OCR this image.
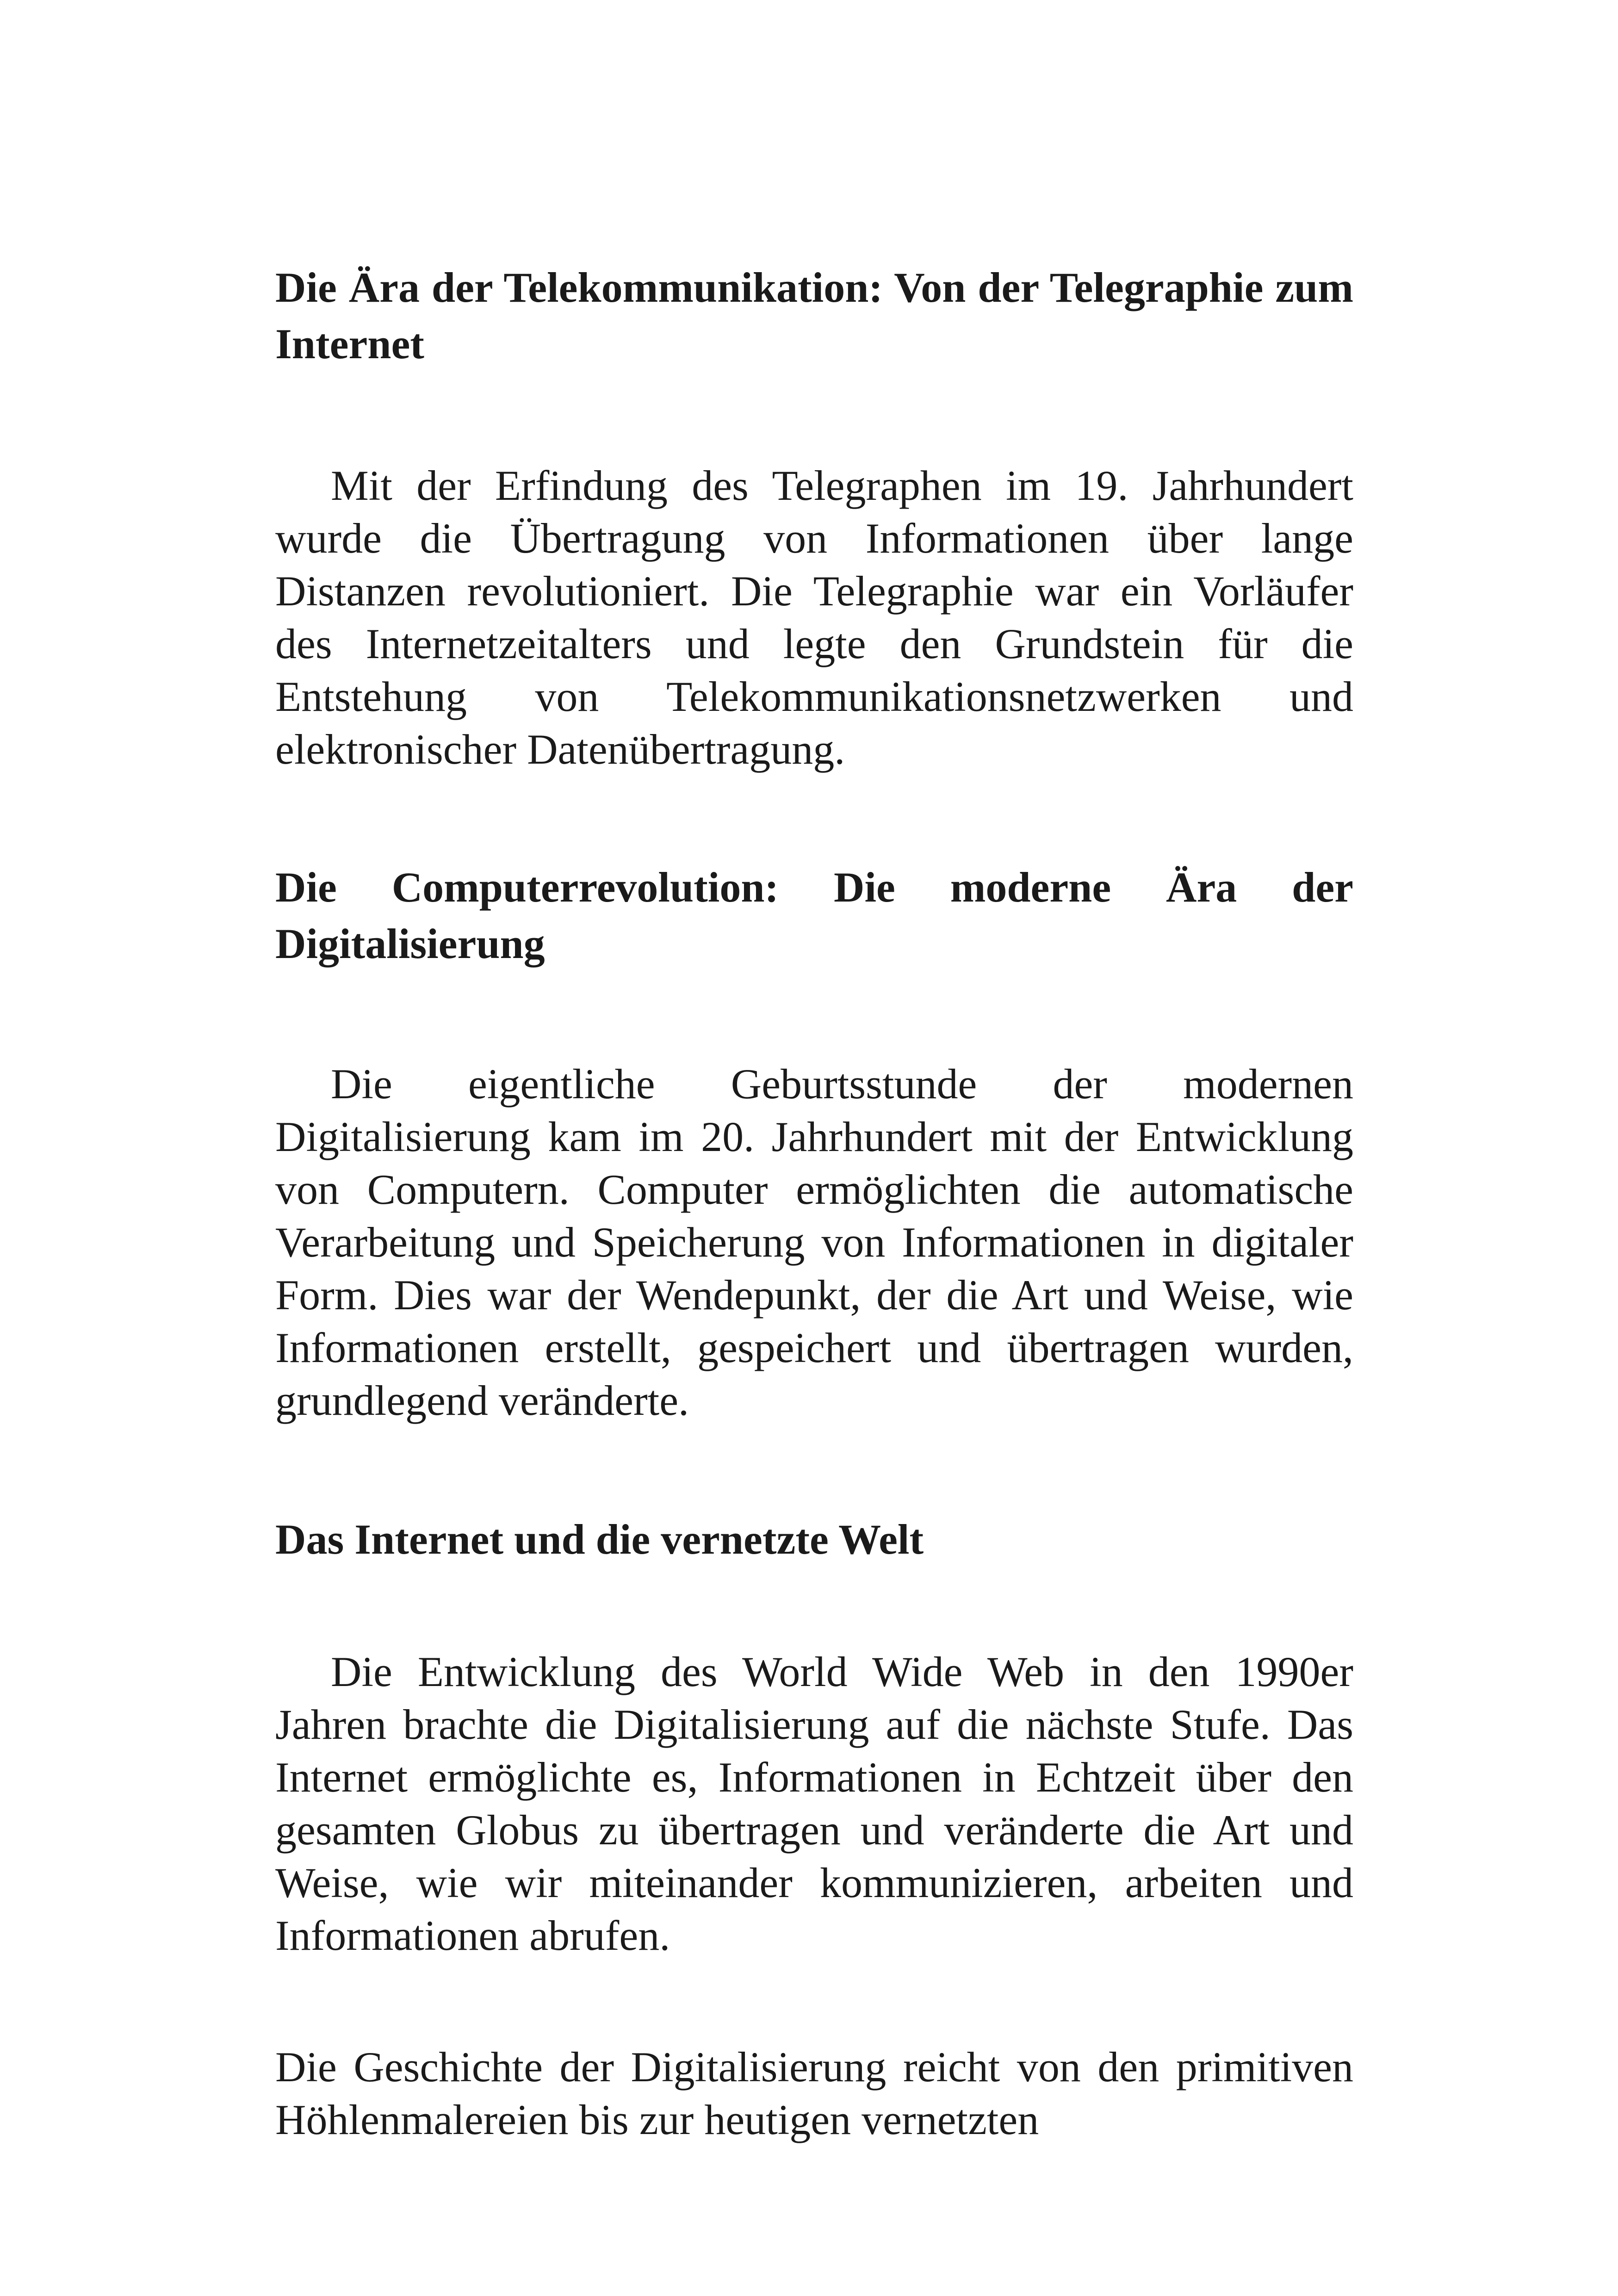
Die Ära der Telekommunikation: Von der Telegraphie zum Internet

Mit der Erfindung des Telegraphen im 19. Jahrhundert wurde die Übertragung von Informationen über lange Distanzen revolutioniert. Die Telegraphie war ein Vorläufer des Internetzeitalters und legte den Grundstein für die Entstehung von Telekommunikationsnetzwerken und elektronischer Datenübertragung.

Die Computerrevolution: Die moderne Ära der Digitalisierung

Die eigentliche Geburtsstunde der modernen Digitalisierung kam im 20. Jahrhundert mit der Entwicklung von Computern. Computer ermöglichten die automatische Verarbeitung und Speicherung von Informationen in digitaler Form. Dies war der Wendepunkt, der die Art und Weise, wie Informationen erstellt, gespeichert und übertragen wurden, grundlegend veränderte.

Das Internet und die vernetzte Welt

Die Entwicklung des World Wide Web in den 1990er Jahren brachte die Digitalisierung auf die nächste Stufe. Das Internet ermöglichte es, Informationen in Echtzeit über den gesamten Globus zu übertragen und veränderte die Art und Weise, wie wir miteinander kommunizieren, arbeiten und Informationen abrufen.

Die Geschichte der Digitalisierung reicht von den primitiven Höhlenmalereien bis zur heutigen vernetzten
